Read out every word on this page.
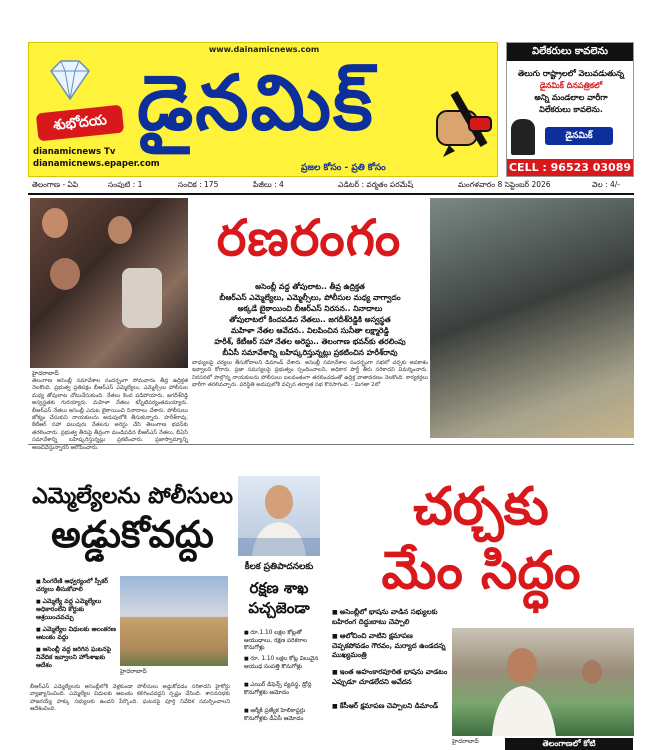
www.dainamicnews.com
శుభోదయ
dianamicnews Tv
dianamicnews.epaper.com
డైనమిక్
ప్రజల కోసం - ప్రతి కోసం
విలేకరులు కావలెను
తెలుగు రాష్ట్రాలలో వెలువడుతున్న
డైనమిక్ దినపత్రికలో
అన్ని మండలాల వారీగా
విలేకరులు కావలెను.
డైనమిక్
CELL : 96523 03089
తెలంగాణ - ఏపి	సంపుటి : 1	సంచిక : 175	పేజీలు : 4	ఎడిటర్ : వర్మతం పరమేష్	మంగళవారం 8 సెప్టెంబర్ 2026	వెల : 4/-
రణరంగం
అసెంబ్లీ వద్ద తోపులాట.. తీవ్ర ఉద్రిక్తత
బీఆర్ఎస్ ఎమ్మెల్యేలు, ఎమ్మెల్సీలు, పోలీసుల మధ్య వాగ్వాదం
అక్కడే బైఠాయించి బీఆర్ఎస్ నిరసన.. నినాదాలు
తోపులాటలో కిందపడిన నేతలు.. జగదీశ్‌రెడ్డికి అస్వస్థత
మహిళా నేతల ఆవేదన.. విలపించిన సునీతా లక్ష్మారెడ్డి
హరీశ్, కేటీఆర్ సహా నేతల అరెస్టు.. తెలంగాణ భవన్‌కు తరలింపు
బీఏసీ సమావేశాన్ని బహిష్కరిస్తున్నట్లు ప్రకటించిన హరీశ్‌రావు
హైదరాబాద్
తెలంగాణ అసెంబ్లీ సమావేశాల సందర్భంగా సోమవారం తీవ్ర ఉద్రిక్తత నెలకొంది. ప్రభుత్వ ప్రతిపక్షం బీఆర్ఎస్ ఎమ్మెల్యేలు, ఎమ్మెల్సీలు పోలీసుల మధ్య తోపులాట చోటుచేసుకుంది. నేతలు కింద పడిపోయారు, జగదీశ్‌రెడ్డి అస్వస్థతకు గురయ్యారు. మహిళా నేతలు కన్నీటిపర్యంతమయ్యారు. బీఆర్ఎస్ నేతలు అసెంబ్లీ ఎదుట బైఠాయించి నినాదాలు చేశారు. పోలీసులు జోక్యం చేసుకుని నాయకులను అదుపులోకి తీసుకున్నారు. హరీశ్‌రావు, కేటీఆర్ సహా పలువురు నేతలను అరెస్టు చేసి తెలంగాణ భవన్‌కు తరలించారు. ప్రభుత్వ తీరుపై తీవ్రంగా మండిపడిన బీఆర్ఎస్ నేతలు, బీఏసీ సమావేశాన్ని బహిష్కరిస్తున్నట్లు ప్రకటించారు. ప్రజాస్వామ్యాన్ని అణచివేస్తున్నారని ఆరోపించారు.
బాధ్యులపై చర్యలు తీసుకోవాలని డిమాండ్ చేశారు. అసెంబ్లీ సమావేశాల సందర్భంగా సభలో చర్చకు అవకాశం ఇవ్వాలని కోరారు. ప్రజా సమస్యలపై ప్రభుత్వం స్పందించాలని, అధికార పార్టీ తీరు సరికాదని విమర్శించారు. నిరసనలో పాల్గొన్న నాయకులను పోలీసులు బలవంతంగా తరలించడంతో ఉద్రిక్త వాతావరణం నెలకొంది. కార్యకర్తలు భారీగా తరలివచ్చారు. పరిస్థితి అదుపులోకి వచ్చిన తర్వాత సభ కొనసాగింది. - మిగతా 2లో
ఎమ్మెల్యేలను పోలీసులు
అడ్డుకోవద్దు
■ సింగరేణి ఆధ్వర్యంలో స్పీకర్ చర్యలు తీసుకోవాలి
■ ఎమ్మెల్యే వద్ద ఎమ్మెల్యేలు అధికారంలేని కోర్టుకు ఆశ్రయించవచ్చు
■ ఎమ్మెల్యేల విధులకు అలంకరణ ఆటంకం వద్దు
■ అసెంబ్లీ వద్ద జరిగిన ఘటనపై నివేదిక ఇవ్వాలని హోంశాఖకు ఆదేశం
హైదరాబాద్
బీఆర్ఎస్ ఎమ్మెల్యేలను అసెంబ్లీలోకి వెళ్లకుండా పోలీసులు అడ్డుకోవడం సరికాదని హైకోర్టు వ్యాఖ్యానించింది. ఎమ్మెల్యేల విధులకు ఆటంకం కలిగించవద్దని స్పష్టం చేసింది. శాసనసభకు హాజరయ్యే హక్కు సభ్యులకు ఉందని పేర్కొంది. ఘటనపై పూర్తి నివేదిక సమర్పించాలని ఆదేశించింది.
కీలక ప్రతిపాదనలకు
రక్షణ శాఖ
పచ్చజెండా
■ రూ.1.10 లక్షల కోట్లతో ఆయుధాలు, రక్షణ పరికరాల కొనుగోళ్లు
■ రూ. 1.10 లక్షల కోట్ల విలువైన ఆయుధ సంపత్తి కొనుగోళ్లు
■ ఎయిర్ డిఫెన్స్ వ్యవస్థ, డ్రోన్ల కొనుగోళ్లకు ఆమోదం
■ ఆర్మీకి ప్రత్యేక హెలికాప్టర్లు కొనుగోళ్లకు డీఏసీ ఆమోదం
చర్చకు
మేం సిద్ధం
■ అసెంబ్లీలో భాషను వాడిన సభ్యులకు బహిరంగ దిద్దుబాటు చెప్పాలి
■ ఆలోచించి వాటిని క్షమాపణ చెప్పకపోవడం గౌరవం, మర్యాద ఉండదన్న ముఖ్యమంత్రి
■ ఇంత అహంకారపూరిత భాషను వాడటం ఎప్పుడూ చూడలేదని ఆవేదన
■ కేసీఆర్ క్షమాపణ చెప్పాలని డిమాండ్
హైదరాబాద్	తెలంగాణలో కోటి
